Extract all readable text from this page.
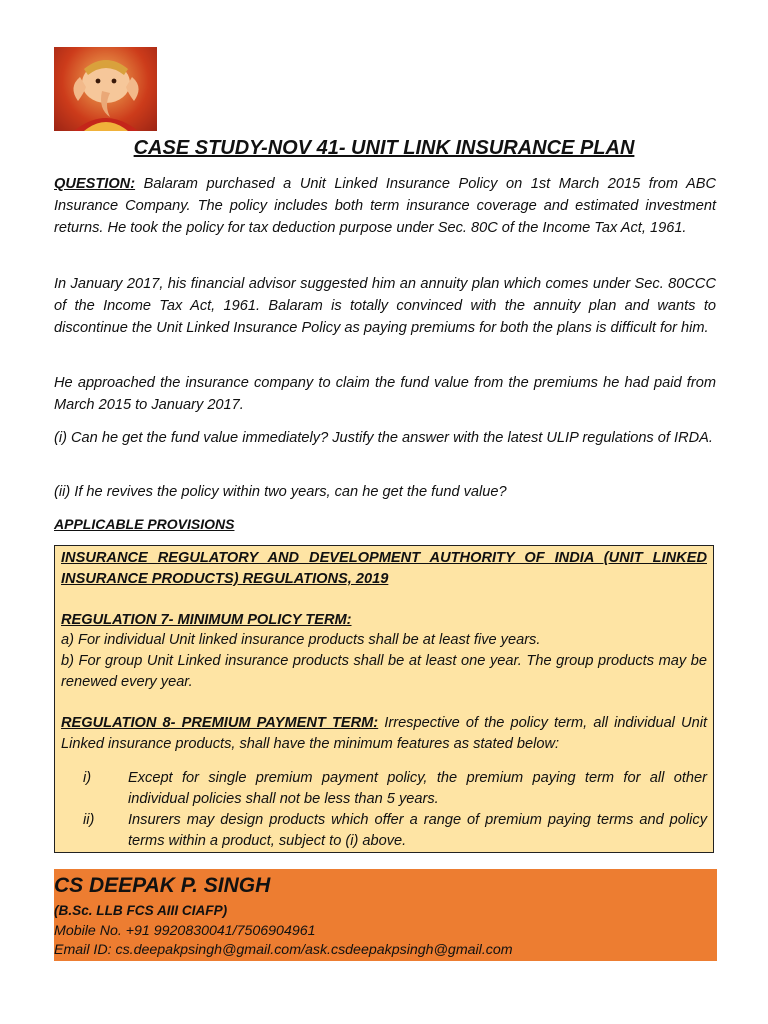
CASE STUDY-NOV 41- UNIT LINK INSURANCE PLAN

QUESTION: Balaram purchased a Unit Linked Insurance Policy on 1st March 2015 from ABC Insurance Company. The policy includes both term insurance coverage and estimated investment returns. He took the policy for tax deduction purpose under Sec. 80C of the Income Tax Act, 1961.

In January 2017, his financial advisor suggested him an annuity plan which comes under Sec. 80CCC of the Income Tax Act, 1961. Balaram is totally convinced with the annuity plan and wants to discontinue the Unit Linked Insurance Policy as paying premiums for both the plans is difficult for him.

He approached the insurance company to claim the fund value from the premiums he had paid from March 2015 to January 2017.

(i) Can he get the fund value immediately? Justify the answer with the latest ULIP regulations of IRDA.

(ii) If he revives the policy within two years, can he get the fund value?

APPLICABLE PROVISIONS

INSURANCE REGULATORY AND DEVELOPMENT AUTHORITY OF INDIA (UNIT LINKED INSURANCE PRODUCTS) REGULATIONS, 2019

REGULATION 7- MINIMUM POLICY TERM:

a) For individual Unit linked insurance products shall be at least five years.

b) For group Unit Linked insurance products shall be at least one year. The group products may be renewed every year.

REGULATION 8- PREMIUM PAYMENT TERM: Irrespective of the policy term, all individual Unit Linked insurance products, shall have the minimum features as stated below:

i)	Except for single premium payment policy, the premium paying term for all other individual policies shall not be less than 5 years.
ii)	Insurers may design products which offer a range of premium paying terms and policy terms within a product, subject to (i) above.
CS DEEPAK P. SINGH
(B.Sc. LLB FCS AIII CIAFP)
Mobile No. +91 9920830041/7506904961
Email ID: cs.deepakpsingh@gmail.com/ask.csdeepakpsingh@gmail.com
